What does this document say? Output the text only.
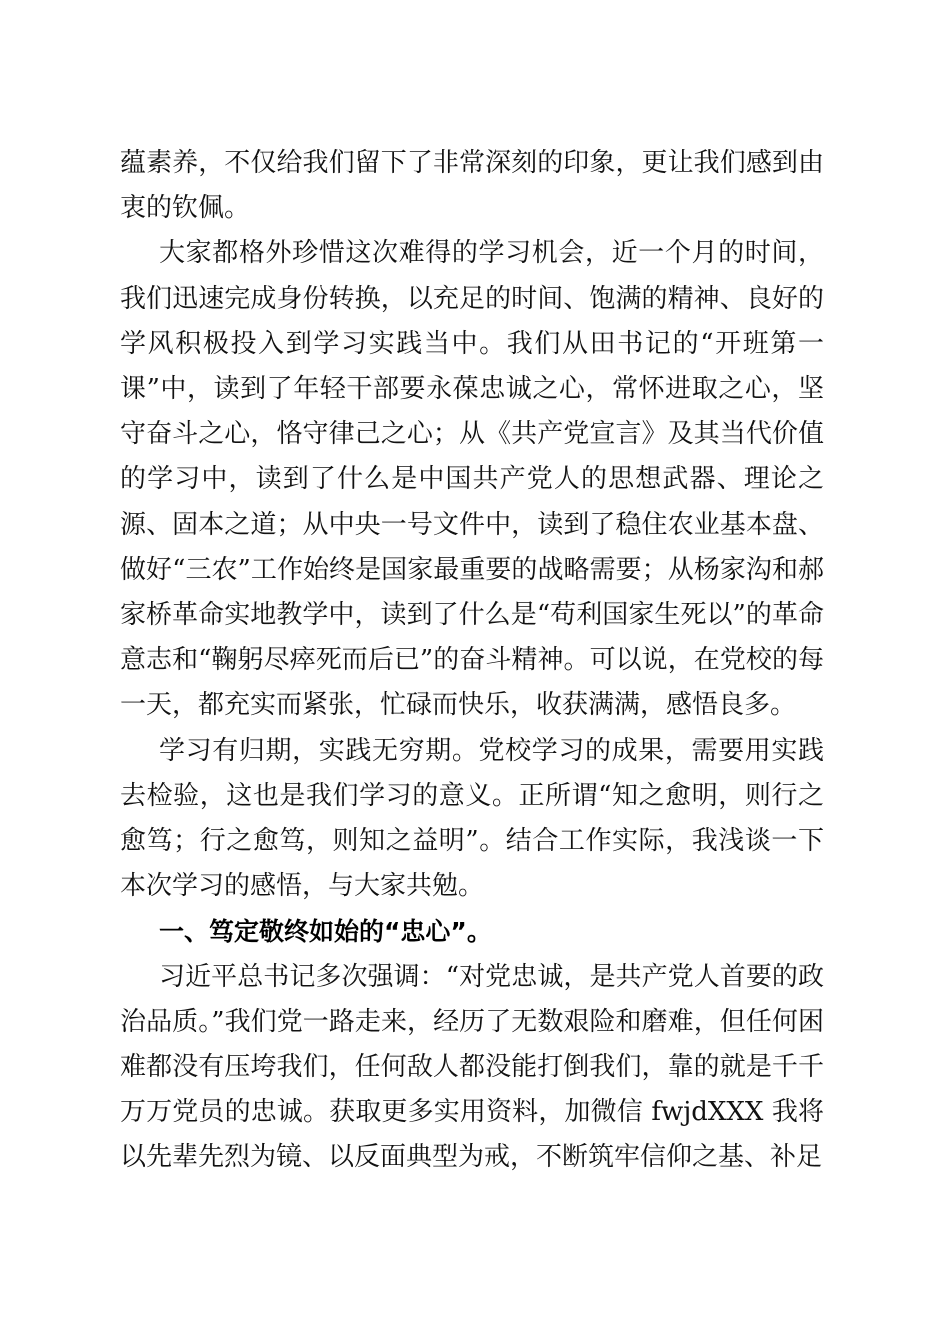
蕴素养，不仅给我们留下了非常深刻的印象，更让我们感到由衷的钦佩。

大家都格外珍惜这次难得的学习机会，近一个月的时间，我们迅速完成身份转换，以充足的时间、饱满的精神、良好的学风积极投入到学习实践当中。我们从田书记的“开班第一课”中，读到了年轻干部要永葆忠诚之心，常怀进取之心，坚守奋斗之心，恪守律己之心；从《共产党宣言》及其当代价值的学习中，读到了什么是中国共产党人的思想武器、理论之源、固本之道；从中央一号文件中，读到了稳住农业基本盘、做好“三农”工作始终是国家最重要的战略需要；从杨家沟和郝家桥革命实地教学中，读到了什么是“苟利国家生死以”的革命意志和“鞠躬尽瘁死而后已”的奋斗精神。可以说，在党校的每一天，都充实而紧张，忙碌而快乐，收获满满，感悟良多。

学习有归期，实践无穷期。党校学习的成果，需要用实践去检验，这也是我们学习的意义。正所谓“知之愈明，则行之愈笃；行之愈笃，则知之益明”。结合工作实际，我浅谈一下本次学习的感悟，与大家共勉。

一、笃定敬终如始的“忠心”。

习近平总书记多次强调：“对党忠诚，是共产党人首要的政治品质。”我们党一路走来，经历了无数艰险和磨难，但任何困难都没有压垮我们，任何敌人都没能打倒我们，靠的就是千千万万党员的忠诚。获取更多实用资料，加微信 fwjdXXX 我将以先辈先烈为镜、以反面典型为戒，不断筑牢信仰之基、补足
